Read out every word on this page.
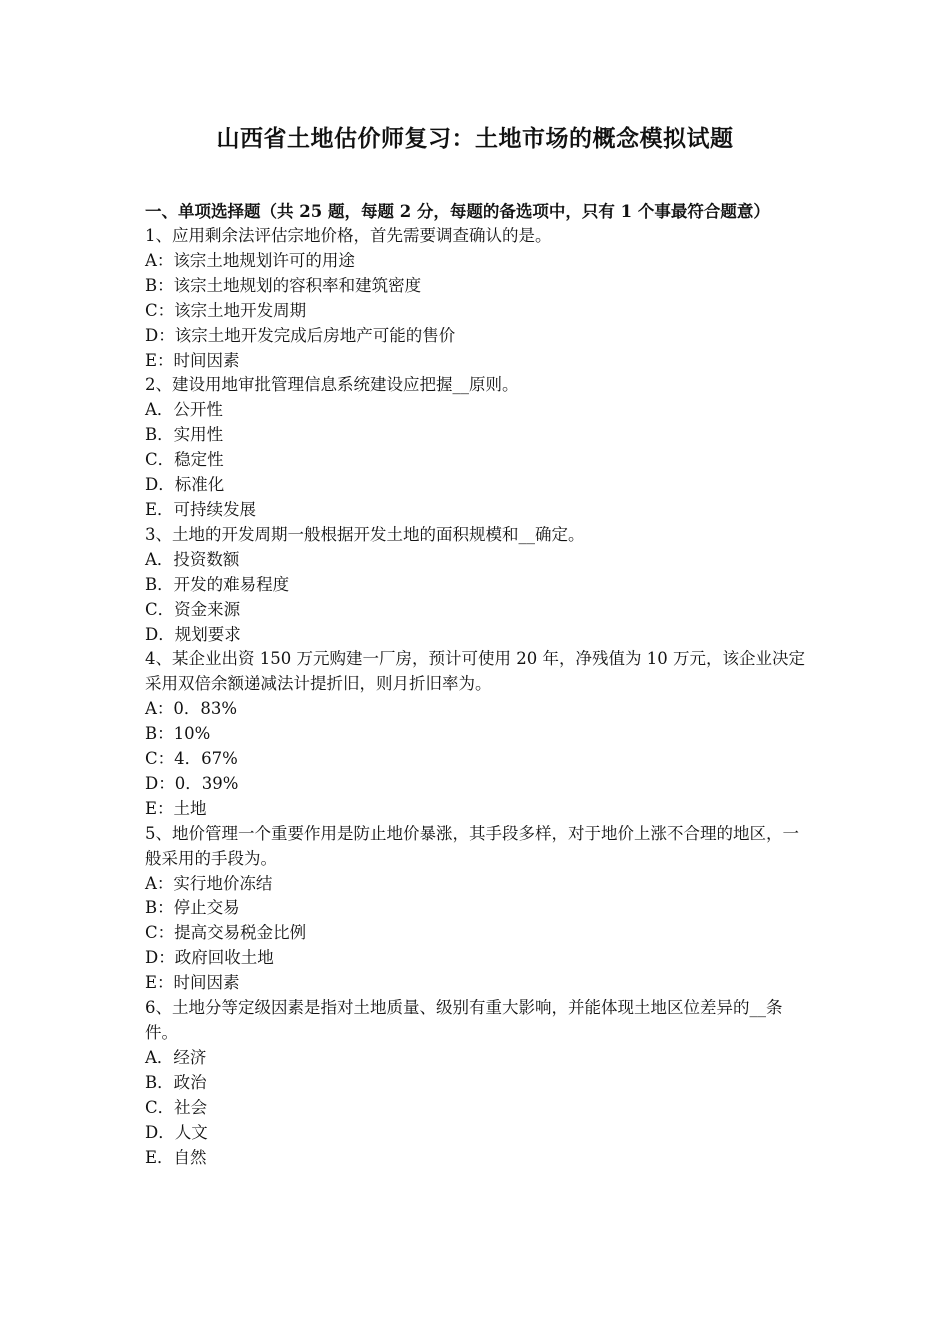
山西省土地估价师复习：土地市场的概念模拟试题

一、单项选择题（共 25 题，每题 2 分，每题的备选项中，只有 1 个事最符合题意）

1、应用剩余法评估宗地价格，首先需要调查确认的是。

A：该宗土地规划许可的用途

B：该宗土地规划的容积率和建筑密度

C：该宗土地开发周期

D：该宗土地开发完成后房地产可能的售价

E：时间因素

2、建设用地审批管理信息系统建设应把握__原则。

A．公开性

B．实用性

C．稳定性

D．标准化

E．可持续发展

3、土地的开发周期一般根据开发土地的面积规模和__确定。

A．投资数额

B．开发的难易程度

C．资金来源

D．规划要求

4、某企业出资 150 万元购建一厂房，预计可使用 20 年，净残值为 10 万元，该企业决定采用双倍余额递减法计提折旧，则月折旧率为。

A：0．83%

B：10%

C：4．67%

D：0．39%

E：土地

5、地价管理一个重要作用是防止地价暴涨，其手段多样，对于地价上涨不合理的地区，一般采用的手段为。

A：实行地价冻结

B：停止交易

C：提高交易税金比例

D：政府回收土地

E：时间因素

6、土地分等定级因素是指对土地质量、级别有重大影响，并能体现土地区位差异的__条件。

A．经济

B．政治

C．社会

D．人文

E．自然
